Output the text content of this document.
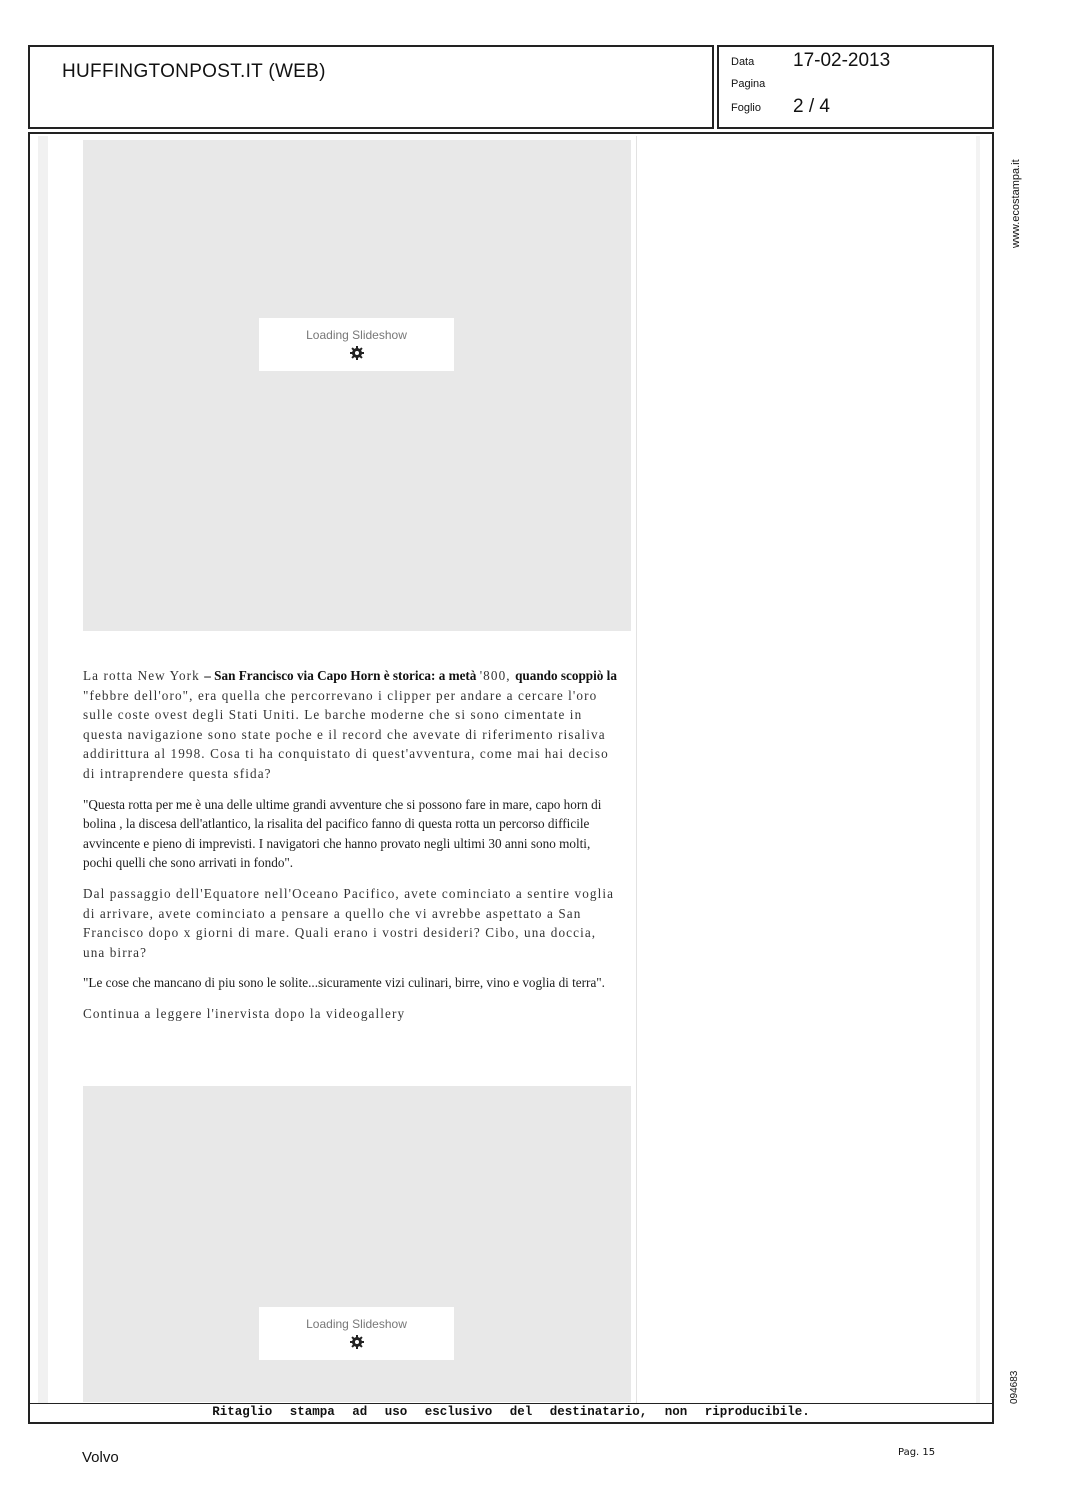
HUFFINGTONPOST.IT (WEB)	Data 17-02-2013
Pagina
Foglio 2 / 4
Loading Slideshow

La rotta New York – San Francisco via Capo Horn è storica: a metà '800, quando scoppiò la "febbre dell'oro", era quella che percorrevano i clipper per andare a cercare l'oro sulle coste ovest degli Stati Uniti. Le barche moderne che si sono cimentate in questa navigazione sono state poche e il record che avevate di riferimento risaliva addirittura al 1998. Cosa ti ha conquistato di quest'avventura, come mai hai deciso di intraprendere questa sfida?

"Questa rotta per me è una delle ultime grandi avventure che si possono fare in mare, capo horn di bolina , la discesa dell'atlantico, la risalita del pacifico fanno di questa rotta un percorso difficile avvincente e pieno di imprevisti. I navigatori che hanno provato negli ultimi 30 anni sono molti, pochi quelli che sono arrivati in fondo".

Dal passaggio dell'Equatore nell'Oceano Pacifico, avete cominciato a sentire voglia di arrivare, avete cominciato a pensare a quello che vi avrebbe aspettato a San Francisco dopo x giorni di mare. Quali erano i vostri desideri? Cibo, una doccia, una birra?

"Le cose che mancano di piu sono le solite...sicuramente vizi culinari, birre, vino e voglia di terra".

Continua a leggere l'inervista dopo la videogallery

Loading Slideshow
Ritaglio stampa ad uso esclusivo del destinatario, non riproducibile.
www.ecostampa.it
094683
Volvo	Pag. 15
